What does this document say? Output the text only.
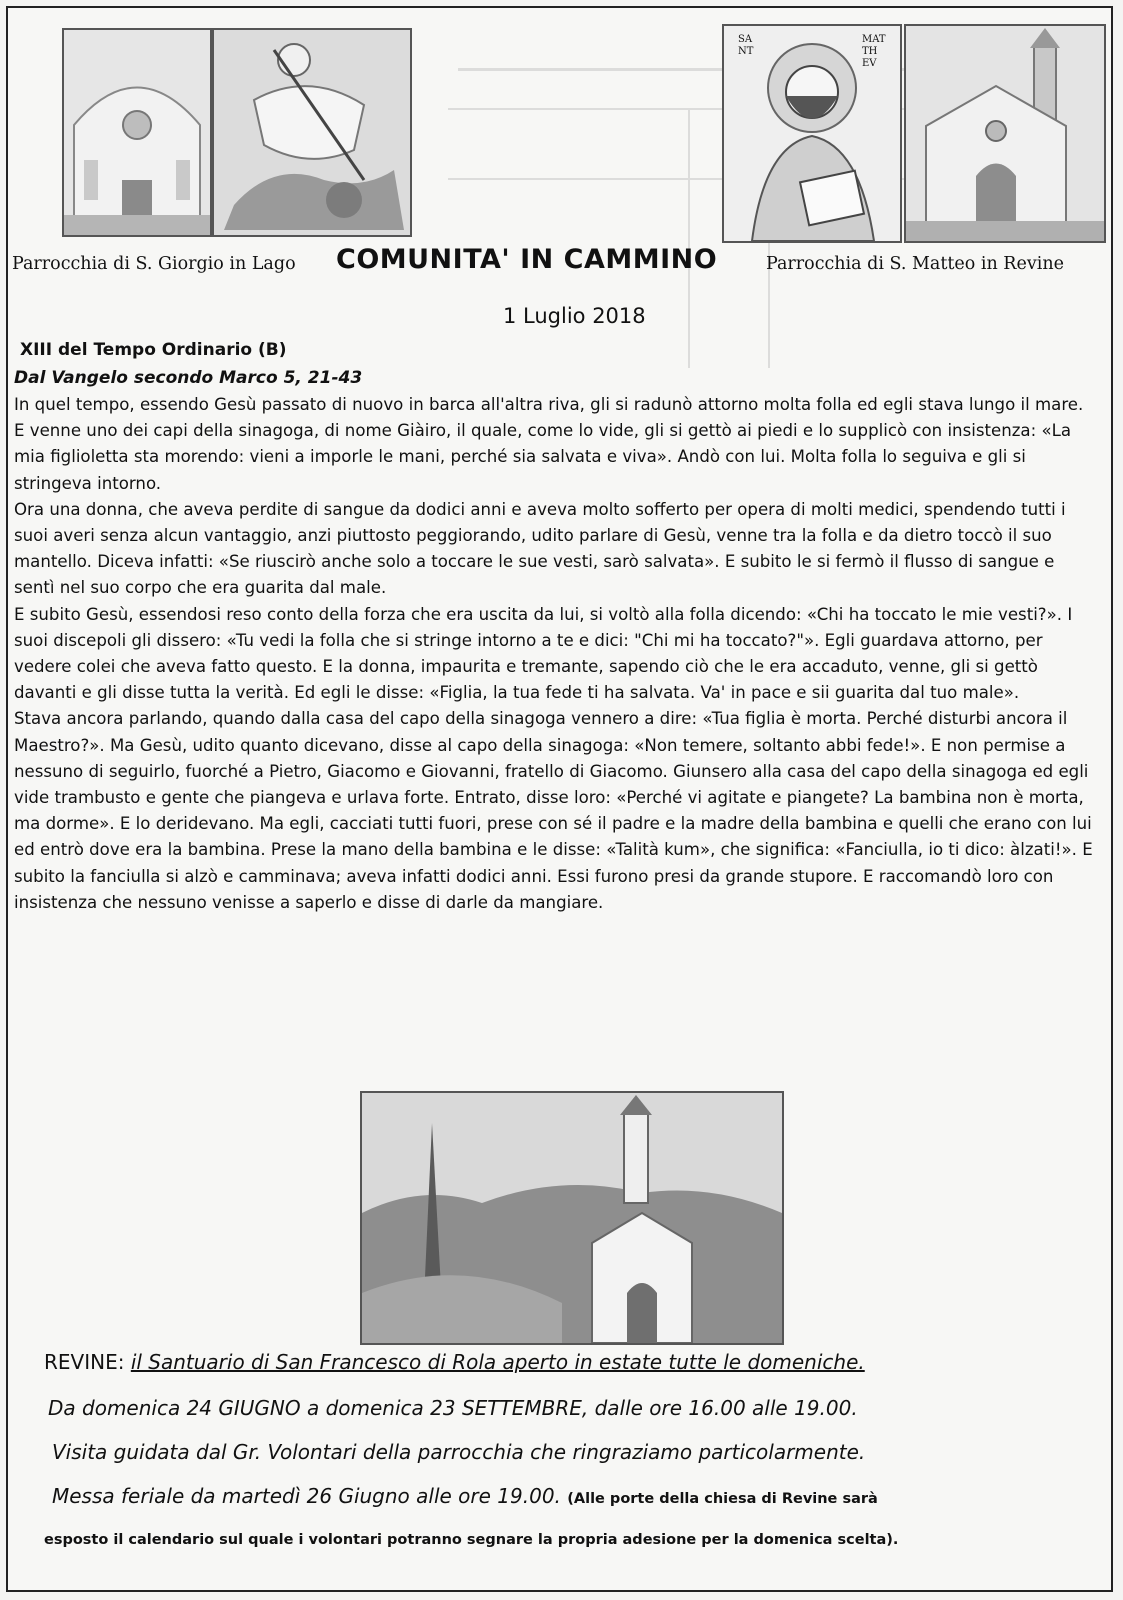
SA
NT
MAT
TH
EV
Parrocchia di S. Giorgio in Lago COMUNITA' IN CAMMINO	Parrocchia di S. Matteo in Revine
1 Luglio 2018
XIII del Tempo Ordinario (B)
Dal Vangelo secondo Marco 5, 21-43

In quel tempo, essendo Gesù passato di nuovo in barca all'altra riva, gli si radunò attorno molta folla ed egli stava lungo il mare. E venne uno dei capi della sinagoga, di nome Giàiro, il quale, come lo vide, gli si gettò ai piedi e lo supplicò con insistenza: «La mia figlioletta sta morendo: vieni a imporle le mani, perché sia salvata e viva». Andò con lui. Molta folla lo seguiva e gli si stringeva intorno.

Ora una donna, che aveva perdite di sangue da dodici anni e aveva molto sofferto per opera di molti medici, spendendo tutti i suoi averi senza alcun vantaggio, anzi piuttosto peggiorando, udito parlare di Gesù, venne tra la folla e da dietro toccò il suo mantello. Diceva infatti: «Se riuscirò anche solo a toccare le sue vesti, sarò salvata». E subito le si fermò il flusso di sangue e sentì nel suo corpo che era guarita dal male.

E subito Gesù, essendosi reso conto della forza che era uscita da lui, si voltò alla folla dicendo: «Chi ha toccato le mie vesti?». I suoi discepoli gli dissero: «Tu vedi la folla che si stringe intorno a te e dici: "Chi mi ha toccato?"». Egli guardava attorno, per vedere colei che aveva fatto questo. E la donna, impaurita e tremante, sapendo ciò che le era accaduto, venne, gli si gettò davanti e gli disse tutta la verità. Ed egli le disse: «Figlia, la tua fede ti ha salvata. Va' in pace e sii guarita dal tuo male».

Stava ancora parlando, quando dalla casa del capo della sinagoga vennero a dire: «Tua figlia è morta. Perché disturbi ancora il Maestro?». Ma Gesù, udito quanto dicevano, disse al capo della sinagoga: «Non temere, soltanto abbi fede!». E non permise a nessuno di seguirlo, fuorché a Pietro, Giacomo e Giovanni, fratello di Giacomo. Giunsero alla casa del capo della sinagoga ed egli vide trambusto e gente che piangeva e urlava forte. Entrato, disse loro: «Perché vi agitate e piangete? La bambina non è morta, ma dorme». E lo deridevano. Ma egli, cacciati tutti fuori, prese con sé il padre e la madre della bambina e quelli che erano con lui ed entrò dove era la bambina. Prese la mano della bambina e le disse: «Talità kum», che significa: «Fanciulla, io ti dico: àlzati!». E subito la fanciulla si alzò e camminava; aveva infatti dodici anni. Essi furono presi da grande stupore. E raccomandò loro con insistenza che nessuno venisse a saperlo e disse di darle da mangiare.

REVINE: il Santuario di San Francesco di Rola aperto in estate tutte le domeniche.
Da domenica 24 GIUGNO a domenica 23 SETTEMBRE, dalle ore 16.00 alle 19.00.
Visita guidata dal Gr. Volontari della parrocchia che ringraziamo particolarmente.
Messa feriale da martedì 26 Giugno alle ore 19.00. (Alle porte della chiesa di Revine sarà
esposto il calendario sul quale i volontari potranno segnare la propria adesione per la domenica scelta).
